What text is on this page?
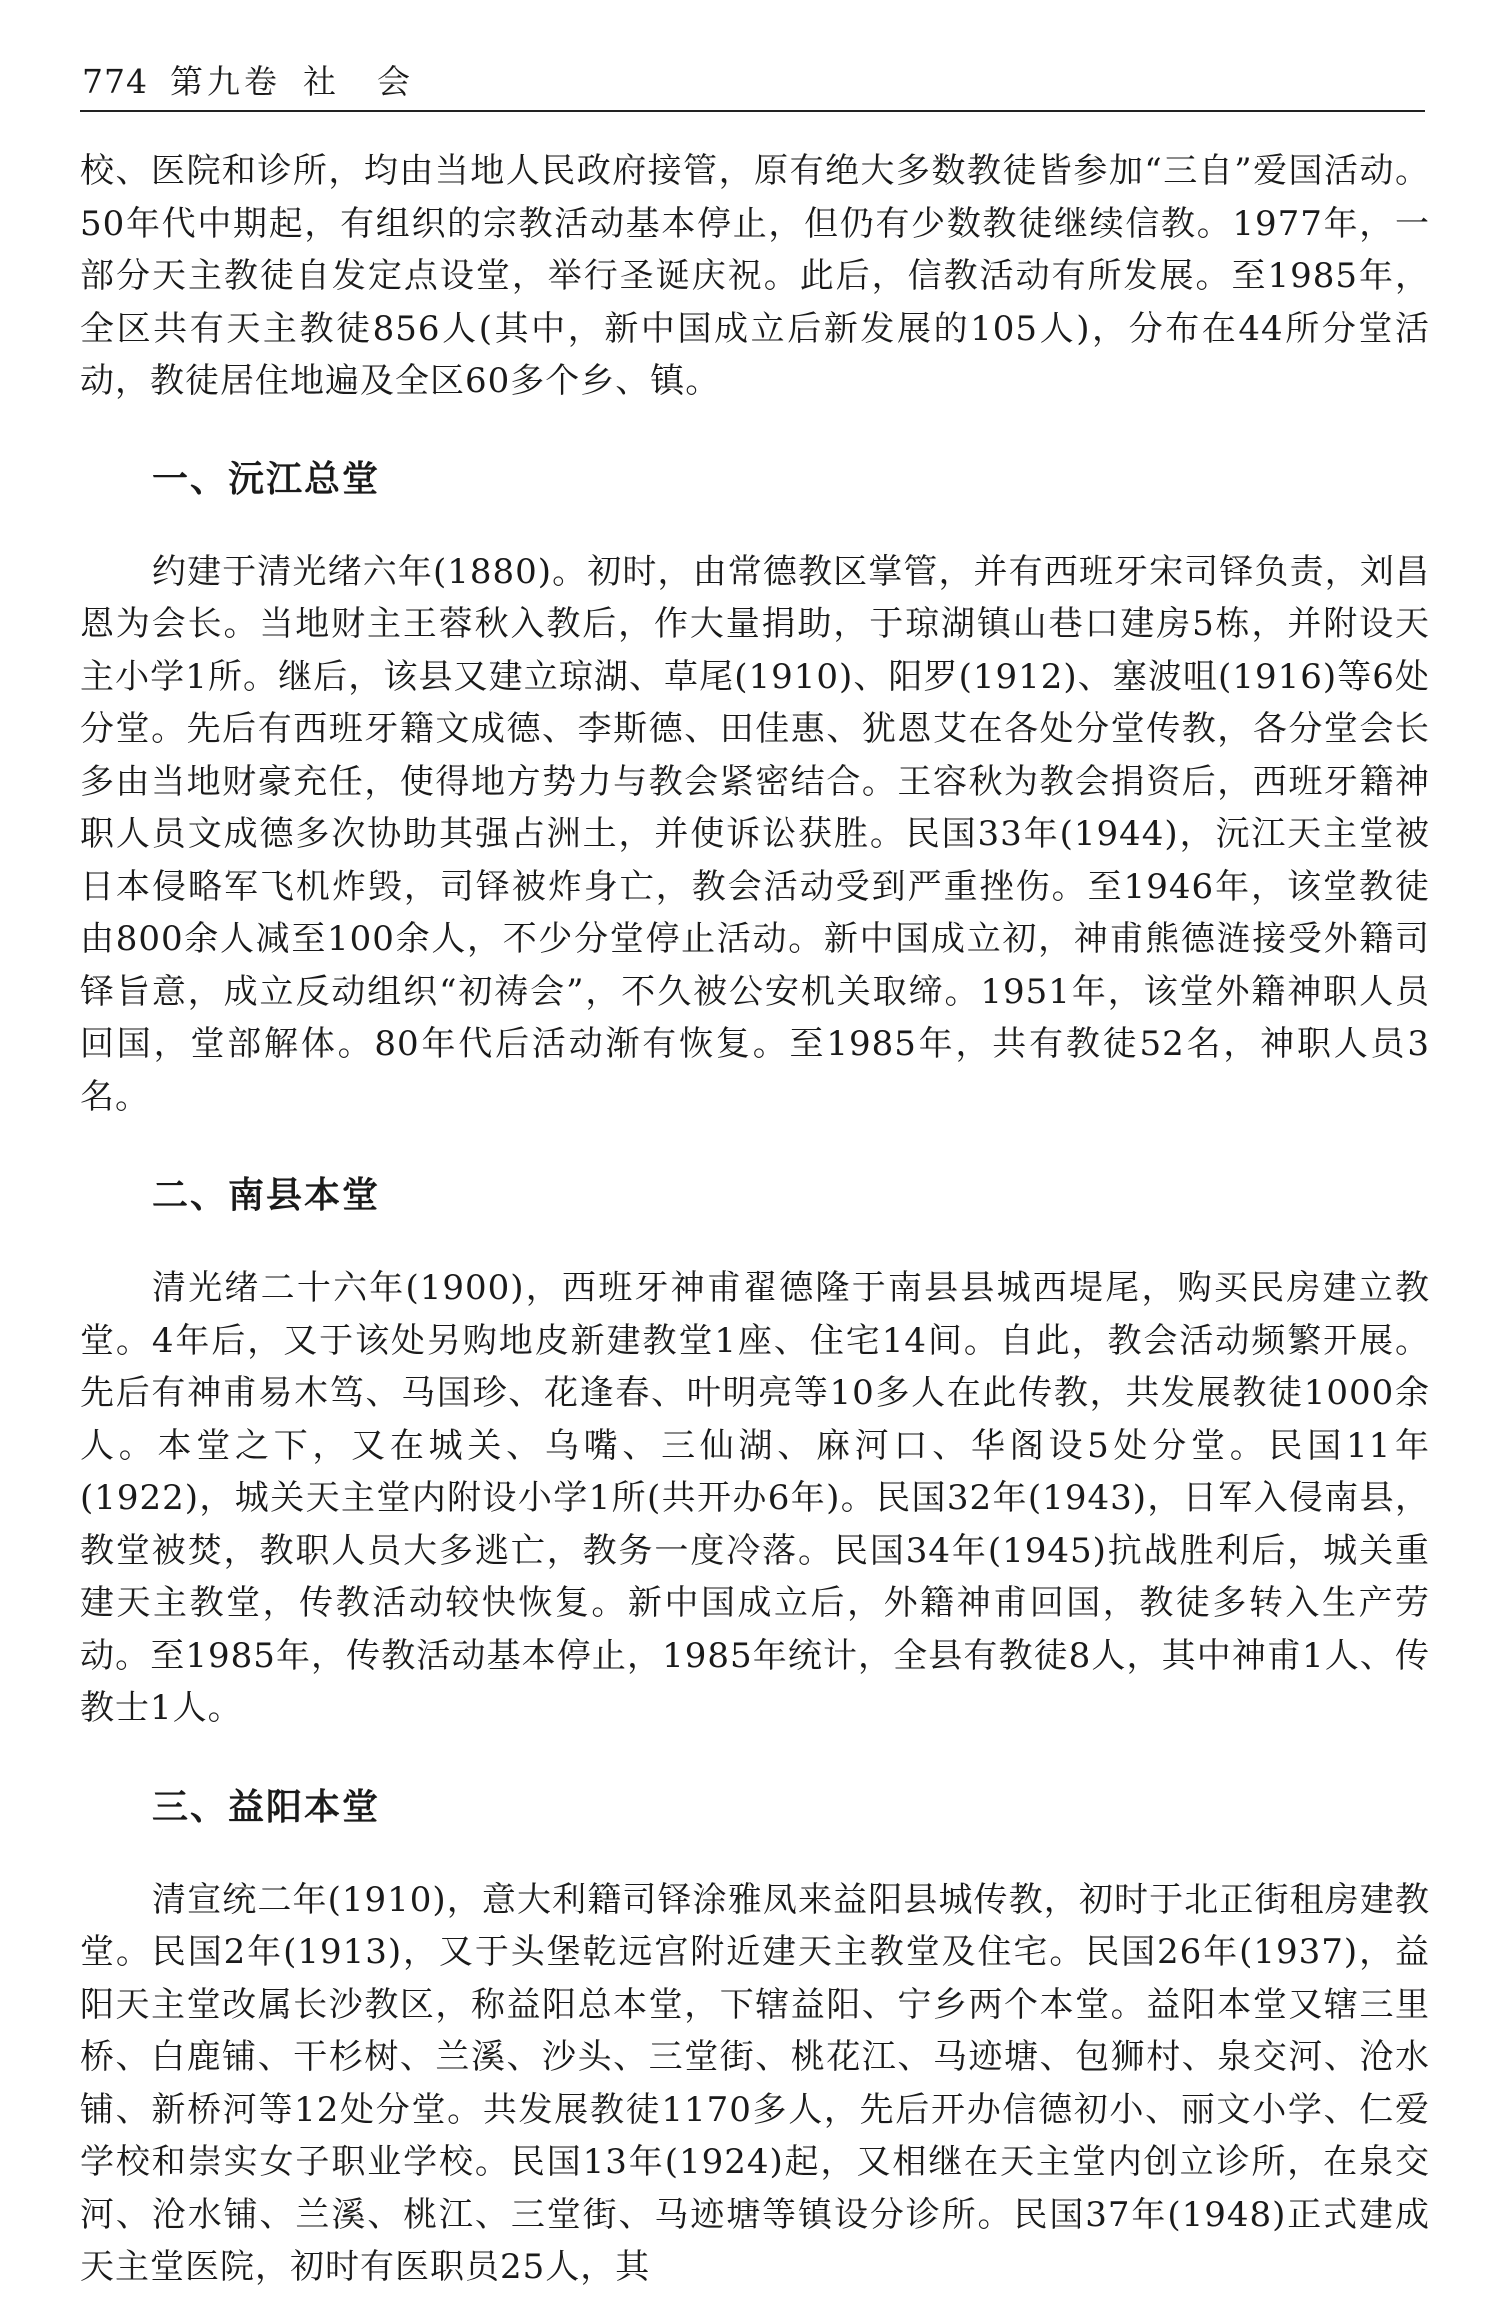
774 第九卷 社　会

校、医院和诊所，均由当地人民政府接管，原有绝大多数教徒皆参加“三自”爱国活动。50年代中期起，有组织的宗教活动基本停止，但仍有少数教徒继续信教。1977年，一部分天主教徒自发定点设堂，举行圣诞庆祝。此后，信教活动有所发展。至1985年，全区共有天主教徒856人(其中，新中国成立后新发展的105人)，分布在44所分堂活动，教徒居住地遍及全区60多个乡、镇。

一、沅江总堂

约建于清光绪六年(1880)。初时，由常德教区掌管，并有西班牙宋司铎负责，刘昌恩为会长。当地财主王蓉秋入教后，作大量捐助，于琼湖镇山巷口建房5栋，并附设天主小学1所。继后，该县又建立琼湖、草尾(1910)、阳罗(1912)、塞波咀(1916)等6处分堂。先后有西班牙籍文成德、李斯德、田佳惠、犹恩艾在各处分堂传教，各分堂会长多由当地财豪充任，使得地方势力与教会紧密结合。王容秋为教会捐资后，西班牙籍神职人员文成德多次协助其强占洲土，并使诉讼获胜。民国33年(1944)，沅江天主堂被日本侵略军飞机炸毁，司铎被炸身亡，教会活动受到严重挫伤。至1946年，该堂教徒由800余人减至100余人，不少分堂停止活动。新中国成立初，神甫熊德涟接受外籍司铎旨意，成立反动组织“初祷会”，不久被公安机关取缔。1951年，该堂外籍神职人员回国，堂部解体。80年代后活动渐有恢复。至1985年，共有教徒52名，神职人员3名。

二、南县本堂

清光绪二十六年(1900)，西班牙神甫翟德隆于南县县城西堤尾，购买民房建立教堂。4年后，又于该处另购地皮新建教堂1座、住宅14间。自此，教会活动频繁开展。先后有神甫易木笃、马国珍、花逢春、叶明亮等10多人在此传教，共发展教徒1000余人。本堂之下，又在城关、乌嘴、三仙湖、麻河口、华阁设5处分堂。民国11年(1922)，城关天主堂内附设小学1所(共开办6年)。民国32年(1943)，日军入侵南县，教堂被焚，教职人员大多逃亡，教务一度冷落。民国34年(1945)抗战胜利后，城关重建天主教堂，传教活动较快恢复。新中国成立后，外籍神甫回国，教徒多转入生产劳动。至1985年，传教活动基本停止，1985年统计，全县有教徒8人，其中神甫1人、传教士1人。

三、益阳本堂

清宣统二年(1910)，意大利籍司铎涂雅凤来益阳县城传教，初时于北正街租房建教堂。民国2年(1913)，又于头堡乾远宫附近建天主教堂及住宅。民国26年(1937)，益阳天主堂改属长沙教区，称益阳总本堂，下辖益阳、宁乡两个本堂。益阳本堂又辖三里桥、白鹿铺、干杉树、兰溪、沙头、三堂街、桃花江、马迹塘、包狮村、泉交河、沧水铺、新桥河等12处分堂。共发展教徒1170多人，先后开办信德初小、丽文小学、仁爱学校和崇实女子职业学校。民国13年(1924)起，又相继在天主堂内创立诊所，在泉交河、沧水铺、兰溪、桃江、三堂街、马迹塘等镇设分诊所。民国37年(1948)正式建成天主堂医院，初时有医职员25人，其
